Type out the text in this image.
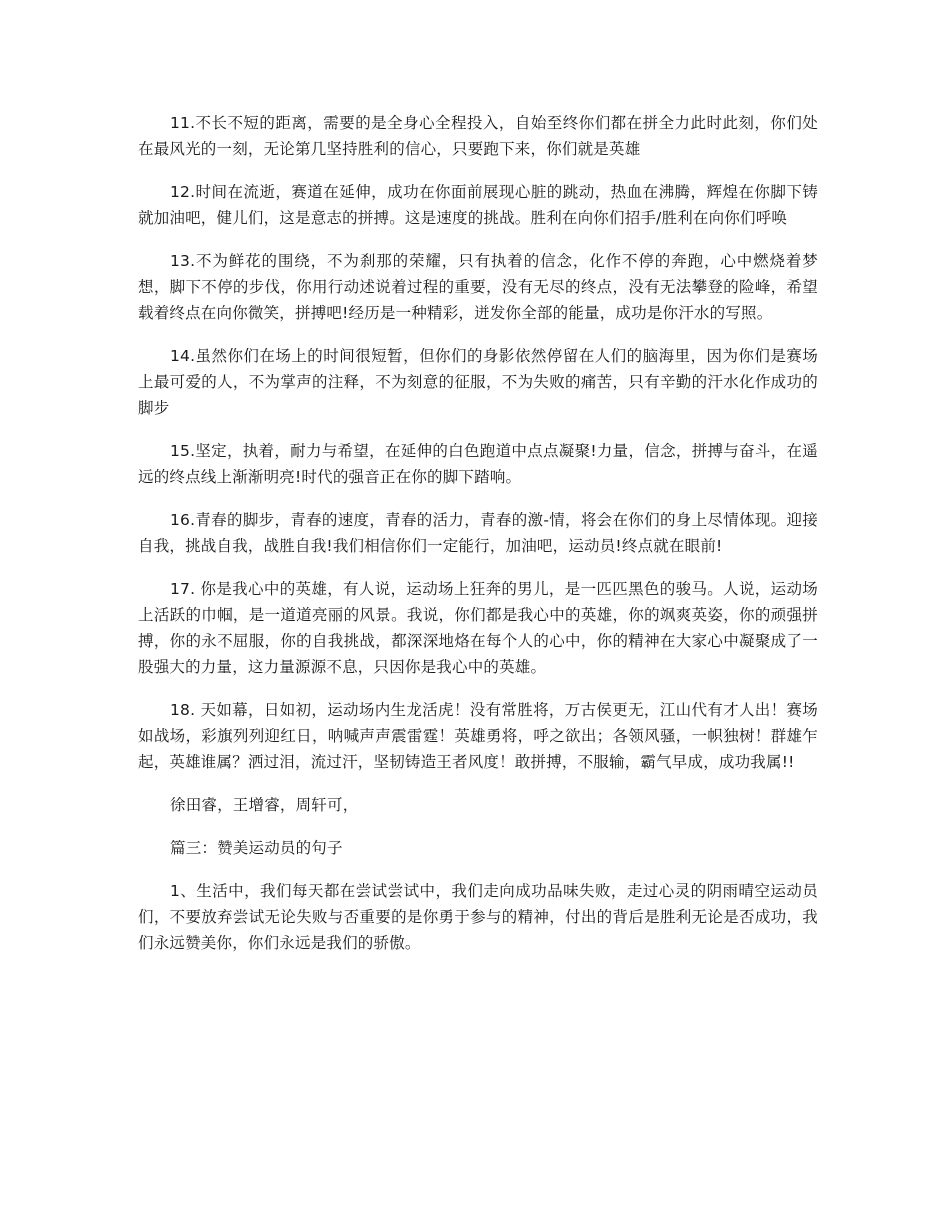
11.不长不短的距离，需要的是全身心全程投入，自始至终你们都在拼全力此时此刻，你们处在最风光的一刻，无论第几坚持胜利的信心，只要跑下来，你们就是英雄

12.时间在流逝，赛道在延伸，成功在你面前展现心脏的跳动，热血在沸腾，辉煌在你脚下铸就加油吧，健儿们，这是意志的拼搏。这是速度的挑战。胜利在向你们招手/胜利在向你们呼唤

13.不为鲜花的围绕，不为刹那的荣耀，只有执着的信念，化作不停的奔跑，心中燃烧着梦想，脚下不停的步伐，你用行动述说着过程的重要，没有无尽的终点，没有无法攀登的险峰，希望载着终点在向你微笑，拼搏吧!经历是一种精彩，迸发你全部的能量，成功是你汗水的写照。

14.虽然你们在场上的时间很短暂，但你们的身影依然停留在人们的脑海里，因为你们是赛场上最可爱的人，不为掌声的注释，不为刻意的征服，不为失败的痛苦，只有辛勤的汗水化作成功的脚步

15.坚定，执着，耐力与希望，在延伸的白色跑道中点点凝聚!力量，信念，拼搏与奋斗，在遥远的终点线上渐渐明亮!时代的强音正在你的脚下踏响。

16.青春的脚步，青春的速度，青春的活力，青春的激-情，将会在你们的身上尽情体现。迎接自我，挑战自我，战胜自我!我们相信你们一定能行，加油吧，运动员!终点就在眼前!

17. 你是我心中的英雄，有人说，运动场上狂奔的男儿，是一匹匹黑色的骏马。人说，运动场上活跃的巾帼，是一道道亮丽的风景。我说，你们都是我心中的英雄，你的飒爽英姿，你的顽强拼搏，你的永不屈服，你的自我挑战，都深深地烙在每个人的心中，你的精神在大家心中凝聚成了一股强大的力量，这力量源源不息，只因你是我心中的英雄。

18. 天如幕，日如初，运动场内生龙活虎！没有常胜将，万古侯更无，江山代有才人出！赛场如战场，彩旗列列迎红日，呐喊声声震雷霆！英雄勇将，呼之欲出；各领风骚，一帜独树！群雄乍起，英雄谁属？洒过泪，流过汗，坚韧铸造王者风度！敢拼搏，不服输，霸气早成，成功我属!!

徐田睿，王增睿，周轩可，

篇三：赞美运动员的句子

1、生活中，我们每天都在尝试尝试中，我们走向成功品味失败，走过心灵的阴雨晴空运动员们，不要放弃尝试无论失败与否重要的是你勇于参与的精神，付出的背后是胜利无论是否成功，我们永远赞美你，你们永远是我们的骄傲。
